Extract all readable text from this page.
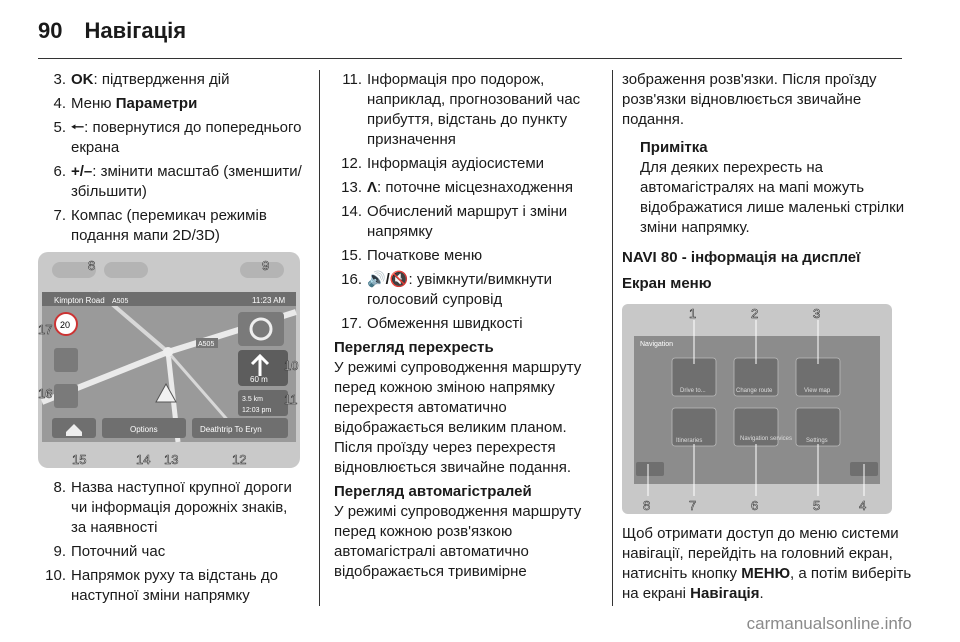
90 Навігація
3. OK: підтвердження дій
4. Меню Параметри
5. 🠐: повернутися до попереднього екрана
6. +/–: змінити масштаб (зменшити/збільшити)
7. Компас (перемикач режимів подання мапи 2D/3D)
Kimpton Road A505	11:23 AM
20
A505
60 m
3.5 km
12:03 pm
Options	Deathtrip To Eryn
8	9
10
11
12
13
14
15
16
17
8. Назва наступної крупної дороги чи інформація дорожніх знаків, за наявності
9. Поточний час
10. Напрямок руху та відстань до наступної зміни напрямку
11. Інформація про подорож, наприклад, прогнозований час прибуття, відстань до пункту призначення
12. Інформація аудіосистеми
13. Λ: поточне місцезнаходження
14. Обчислений маршрут і зміни напрямку
15. Початкове меню
16. 🔊/🔇: увімкнути/вимкнути голосовий супровід
17. Обмеження швидкості
Перегляд перехресть

У режимі супроводження маршруту перед кожною зміною напрямку перехрестя автоматично відображається великим планом. Після проїзду через перехрестя відновлюється звичайне подання.

Перегляд автомагістралей

У режимі супроводження маршруту перед кожною розв'язкою автомагістралі автоматично відображається тривимірне

зображення розв'язки. Після проїзду розв'язки відновлюється звичайне подання.

Примітка
Для деяких перехресть на автомагістралях на мапі можуть відображатися лише маленькі стрілки зміни напрямку.
NAVI 80 - інформація на дисплеї
Екран меню
Navigation
Drive to...	Change route	View map
Itineraries	Navigation services Settings
1	2	3
4
5
6
7
8

Щоб отримати доступ до меню системи навігації, перейдіть на головний екран, натисніть кнопку МЕНЮ, а потім виберіть на екрані Навігація.

carmanualsonline.info
